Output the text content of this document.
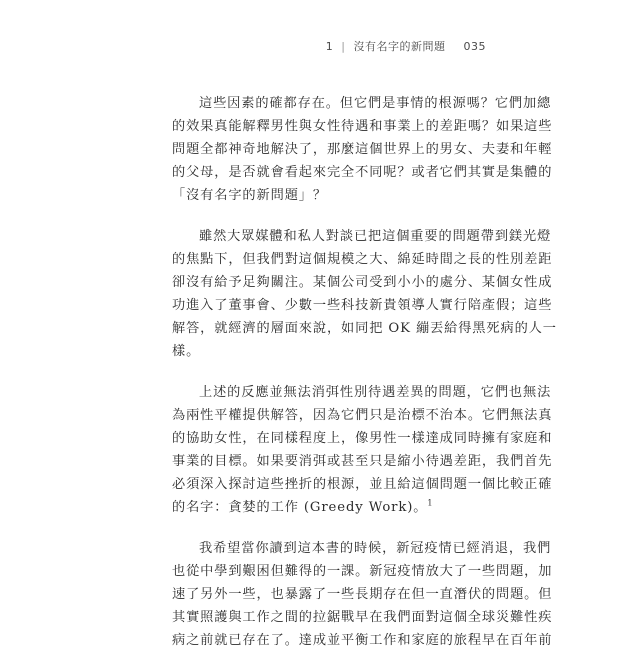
1 | 沒有名字的新問題 035

這些因素的確都存在。但它們是事情的根源嗎？它們加總
的效果真能解釋男性與女性待遇和事業上的差距嗎？如果這些
問題全都神奇地解決了，那麼這個世界上的男女、夫妻和年輕
的父母，是否就會看起來完全不同呢？或者它們其實是集體的
「沒有名字的新問題」？

雖然大眾媒體和私人對談已把這個重要的問題帶到鎂光燈
的焦點下，但我們對這個規模之大、綿延時間之長的性別差距
卻沒有給予足夠關注。某個公司受到小小的處分、某個女性成
功進入了董事會、少數一些科技新貴領導人實行陪產假；這些
解答，就經濟的層面來說，如同把 OK 繃丟給得黑死病的人一
樣。

上述的反應並無法消弭性別待遇差異的問題，它們也無法
為兩性平權提供解答，因為它們只是治標不治本。它們無法真
的協助女性，在同樣程度上，像男性一樣達成同時擁有家庭和
事業的目標。如果要消弭或甚至只是縮小待遇差距，我們首先
必須深入探討這些挫折的根源，並且給這個問題一個比較正確
的名字：貪婪的工作 (Greedy Work)。$^1$

我希望當你讀到這本書的時候，新冠疫情已經消退，我們
也從中學到艱困但難得的一課。新冠疫情放大了一些問題，加
速了另外一些，也暴露了一些長期存在但一直潛伏的問題。但
其實照護與工作之間的拉鋸戰早在我們面對這個全球災難性疾
病之前就已存在了。達成並平衡工作和家庭的旅程早在百年前
